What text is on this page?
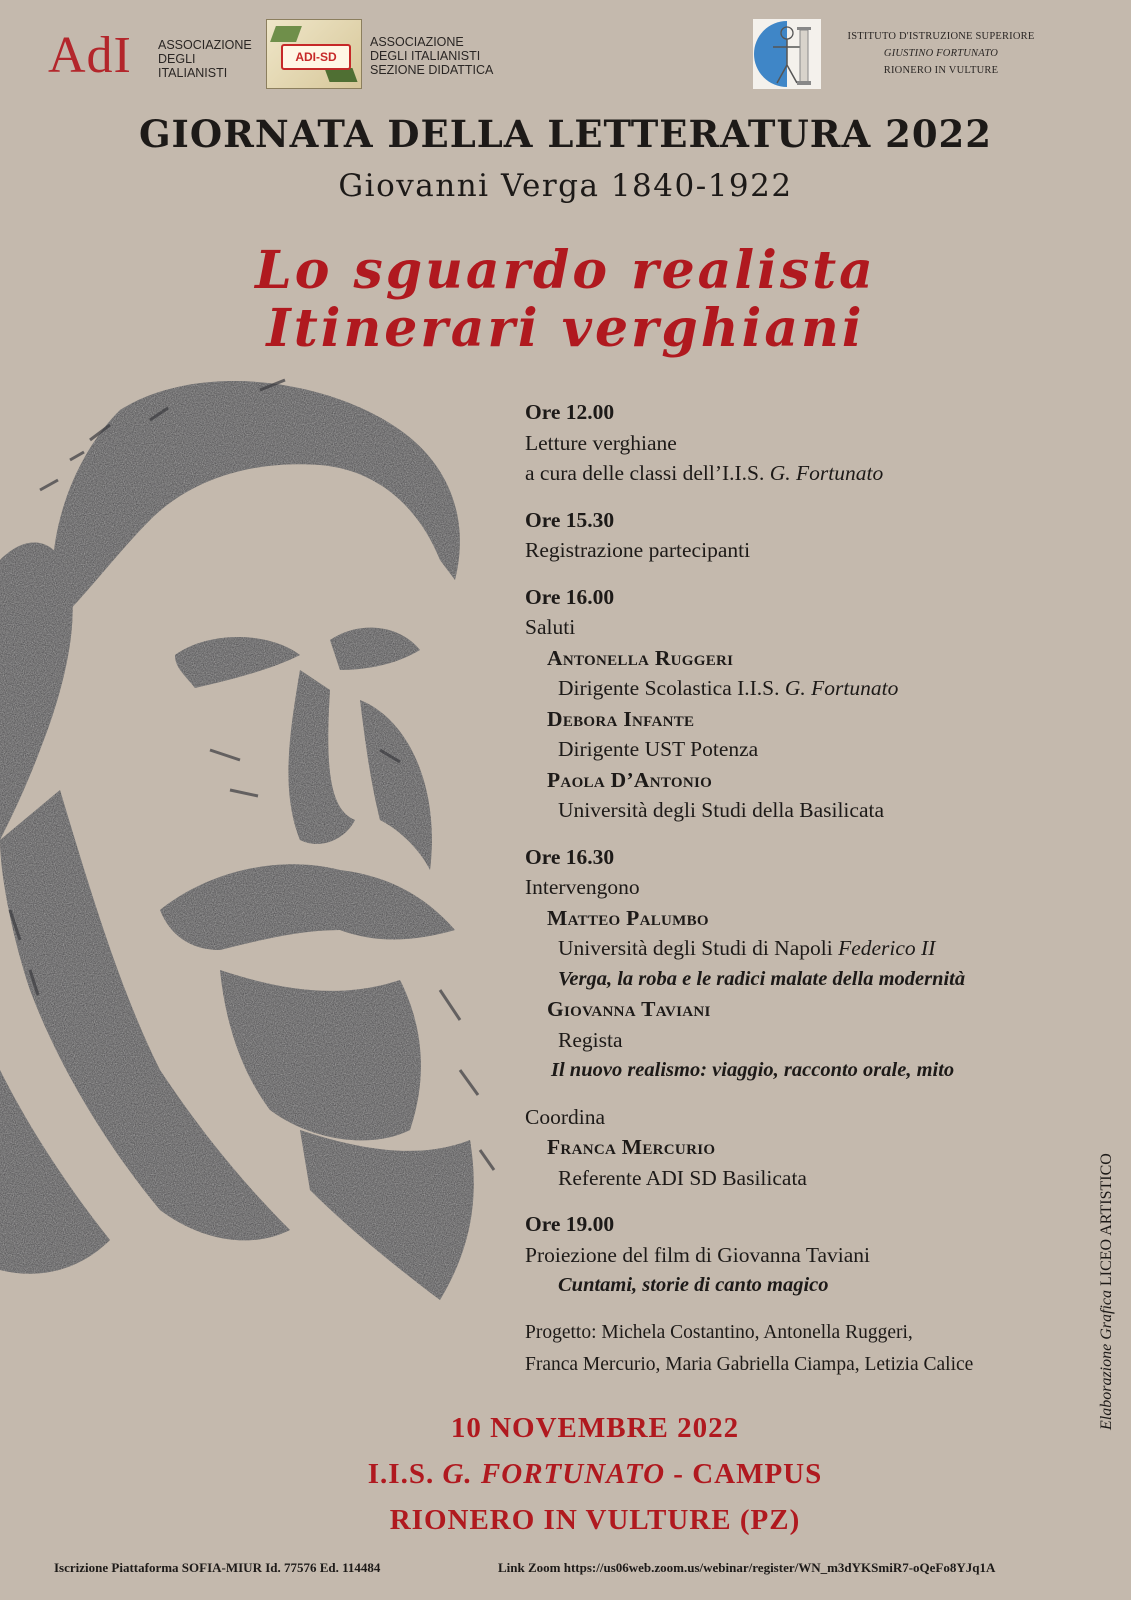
AdI ASSOCIAZIONE
DEGLI
ITALIANISTI
ADI-SD
ASSOCIAZIONE
DEGLI ITALIANISTI
SEZIONE DIDATTICA
ISTITUTO D'ISTRUZIONE SUPERIORE
GIUSTINO FORTUNATO
RIONERO IN VULTURE
GIORNATA DELLA LETTERATURA 2022
Giovanni Verga 1840-1922
Lo sguardo realista
Itinerari verghiani
Ore 12.00
Letture verghiane
a cura delle classi dell’I.I.S. G. Fortunato
Ore 15.30
Registrazione partecipanti
Ore 16.00
Saluti
Antonella Ruggeri
Dirigente Scolastica I.I.S. G. Fortunato
Debora Infante
Dirigente UST Potenza
Paola D’Antonio
Università degli Studi della Basilicata
Ore 16.30
Intervengono
Matteo Palumbo
Università degli Studi di Napoli Federico II
Verga, la roba e le radici malate della modernità
Giovanna Taviani
Regista
Il nuovo realismo: viaggio, racconto orale, mito
Coordina
Franca Mercurio
Referente ADI SD Basilicata
Ore 19.00
Proiezione del film di Giovanna Taviani
Cuntami, storie di canto magico
Progetto: Michela Costantino, Antonella Ruggeri,
Franca Mercurio, Maria Gabriella Ciampa, Letizia Calice
10 NOVEMBRE 2022
I.I.S. G. FORTUNATO - CAMPUS
RIONERO IN VULTURE (PZ)
Iscrizione Piattaforma SOFIA-MIUR Id. 77576 Ed. 114484	Link Zoom https://us06web.zoom.us/webinar/register/WN_m3dYKSmiR7-oQeFo8YJq1A
Elaborazione Grafica LICEO ARTISTICO
